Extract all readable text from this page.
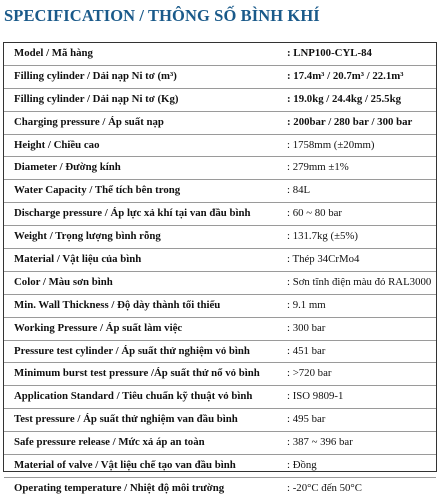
SPECIFICATION / THÔNG SỐ BÌNH KHÍ
Model / Mã hàng	: LNP100-CYL-84
Filling cylinder / Dải nạp Ni tơ (m³)	: 17.4m³ / 20.7m³ / 22.1m³
Filling cylinder / Dải nạp Ni tơ (Kg)	: 19.0kg / 24.4kg / 25.5kg
Charging pressure / Áp suất nạp	: 200bar / 280 bar / 300 bar
Height / Chiều cao	: 1758mm (±20mm)
Diameter / Đường kính	: 279mm ±1%
Water Capacity / Thể tích bên trong	: 84L
Discharge pressure / Áp lực xả khí tại van đầu bình	: 60 ~ 80 bar
Weight / Trọng lượng bình rỗng	: 131.7kg (±5%)
Material / Vật liệu của bình	: Thép 34CrMo4
Color / Màu sơn bình	: Sơn tĩnh điện màu đỏ RAL3000
Min. Wall Thickness / Độ dày thành tối thiểu	: 9.1 mm
Working Pressure / Áp suất làm việc	: 300 bar
Pressure test cylinder / Áp suất thử nghiệm vỏ bình	: 451 bar
Minimum burst test pressure /Áp suất thử nổ vỏ bình	: >720 bar
Application Standard / Tiêu chuẩn kỹ thuật vỏ bình	: ISO 9809-1
Test pressure / Áp suất thử nghiệm van đầu bình	: 495 bar
Safe pressure release / Mức xả áp an toàn	: 387 ~ 396 bar
Material of valve / Vật liệu chế tạo van đầu bình	: Đồng
Operating temperature / Nhiệt độ môi trường	: -20°C đến 50°C
